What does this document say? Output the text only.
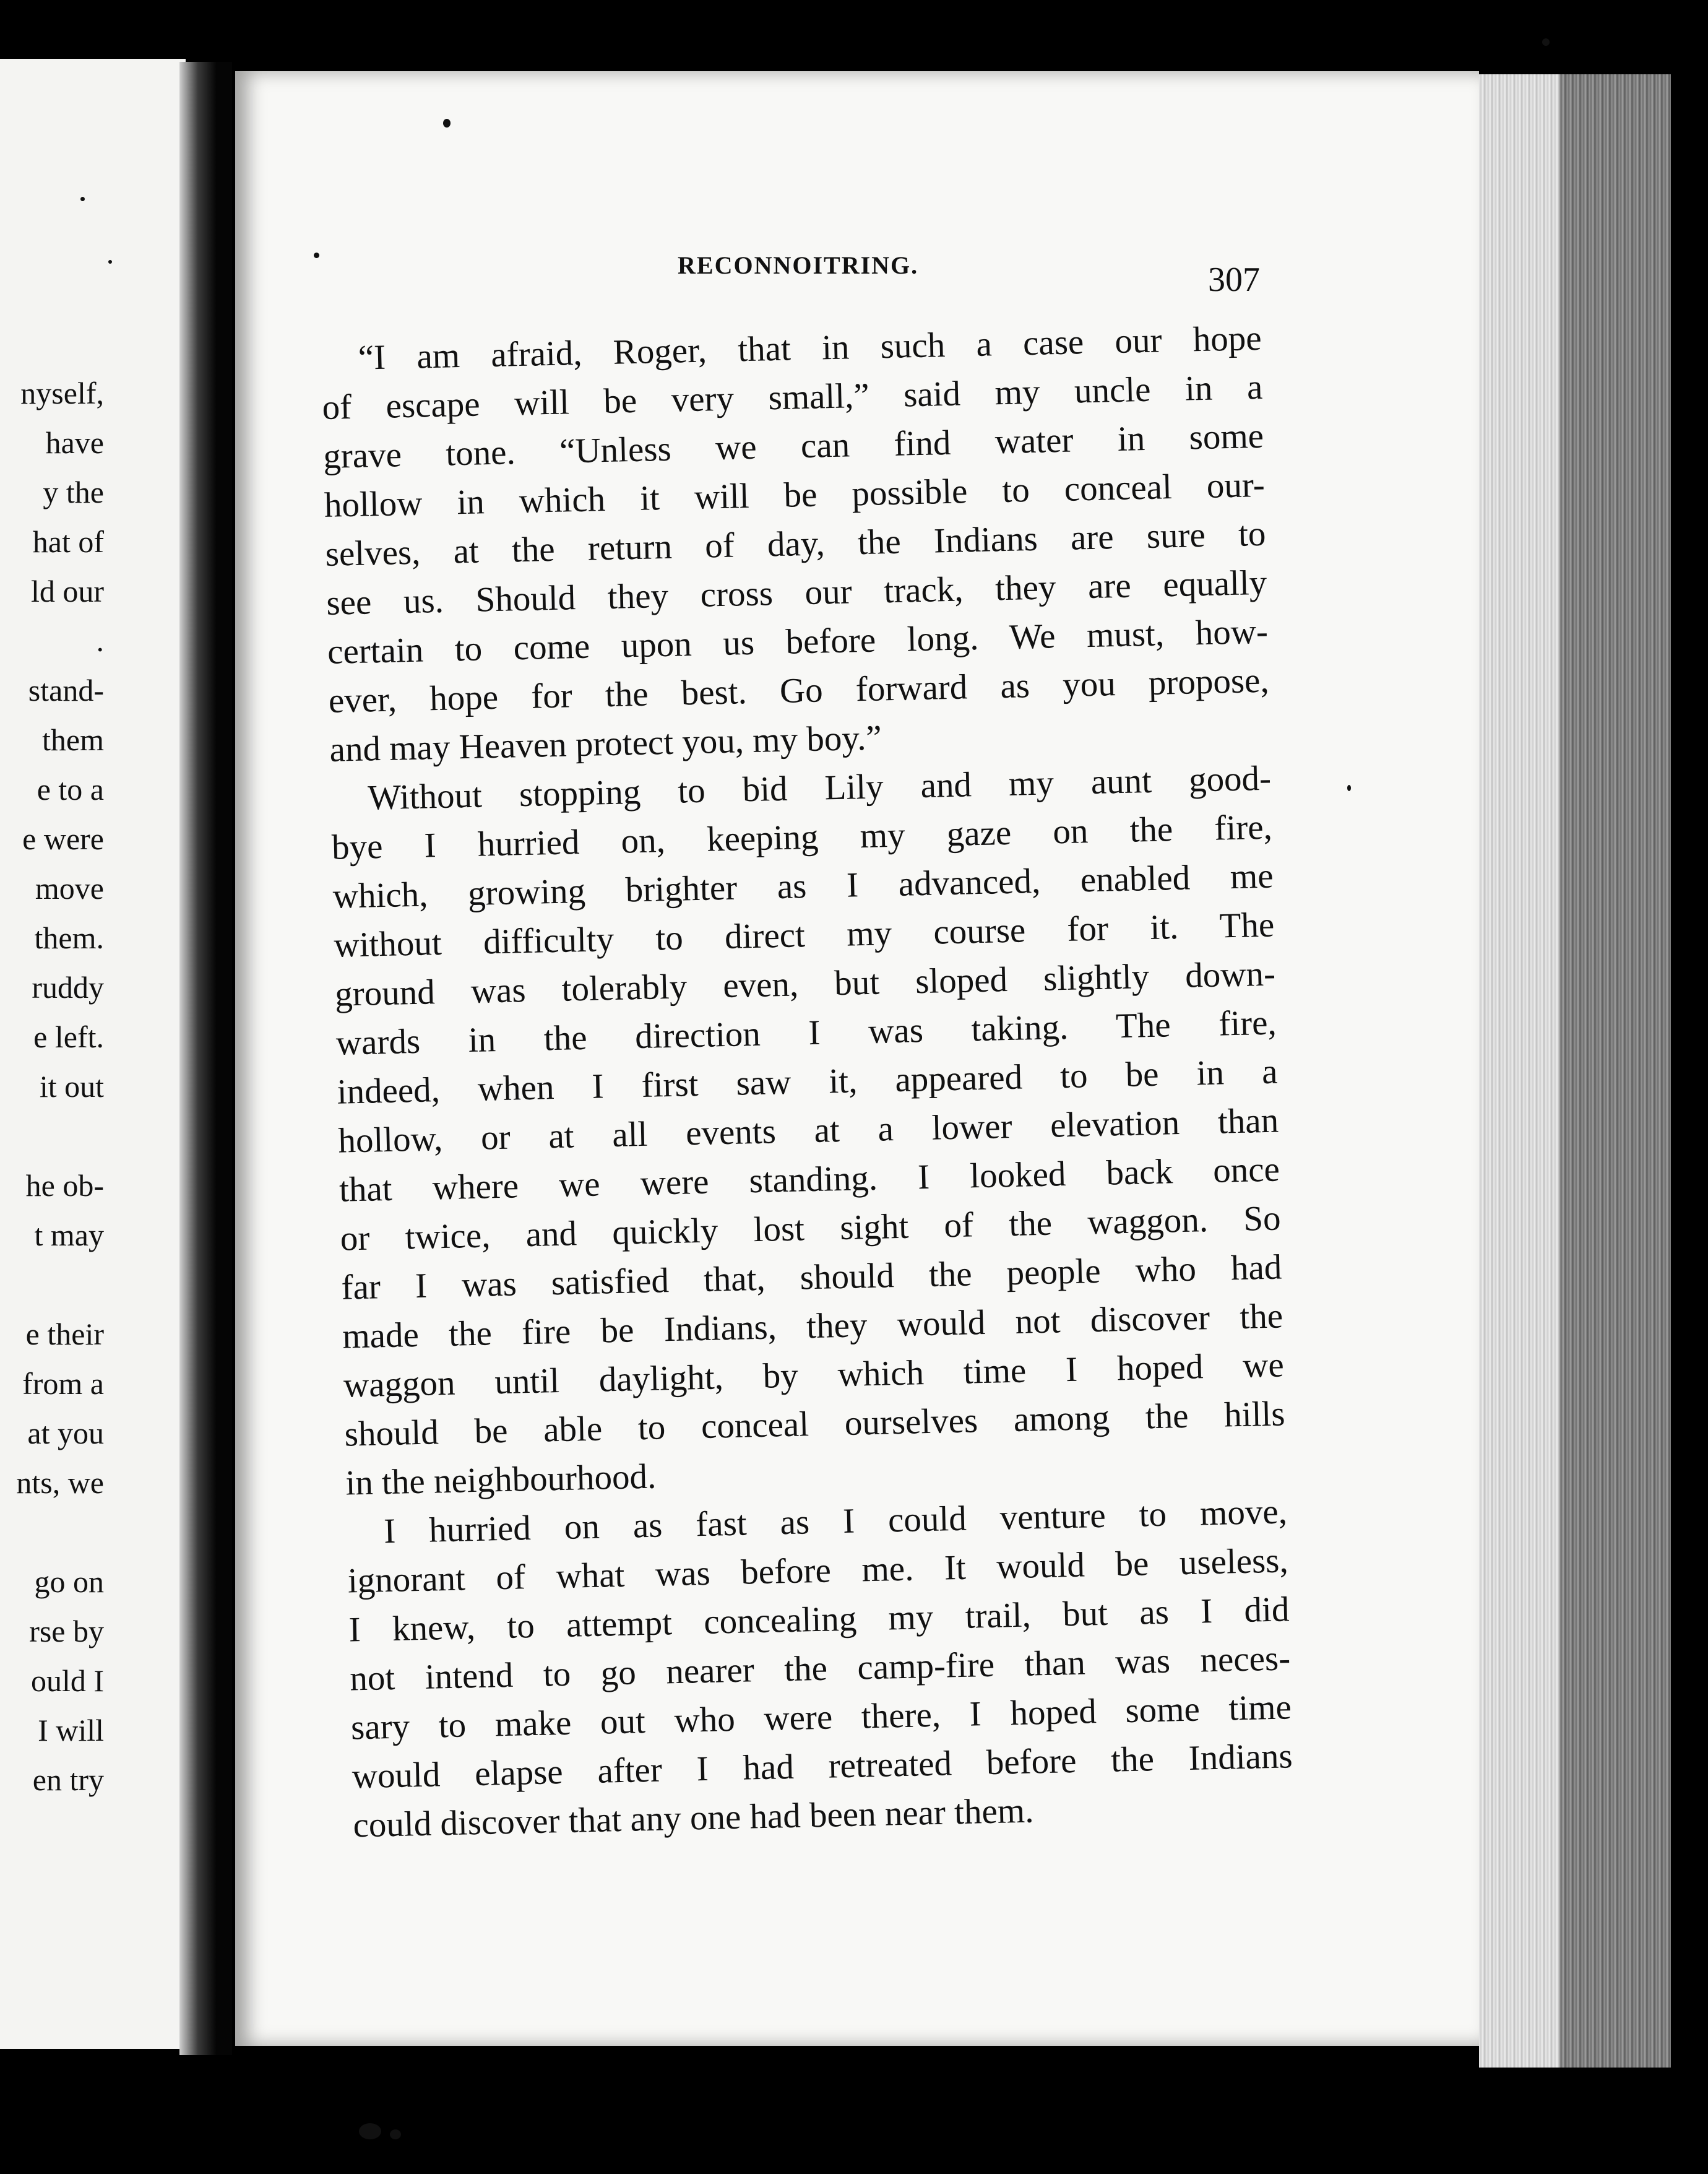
nyself,
have
y the
hat of
ld our
.
stand-
them
e to a
e were
move
them.
ruddy
e left.
it out
he ob-
t may
e their
from a
at you
nts, we
go on
rse by
ould I
I will
en try
RECONNOITRING.	307
“I am afraid, Roger, that in such a case our hope
of escape will be very small,” said my uncle in a
grave tone. “Unless we can find water in some
hollow in which it will be possible to conceal our-
selves, at the return of day, the Indians are sure to
see us. Should they cross our track, they are equally
certain to come upon us before long. We must, how-
ever, hope for the best. Go forward as you propose,
and may Heaven protect you, my boy.”
Without stopping to bid Lily and my aunt good-
bye I hurried on, keeping my gaze on the fire,
which, growing brighter as I advanced, enabled me
without difficulty to direct my course for it. The
ground was tolerably even, but sloped slightly down-
wards in the direction I was taking. The fire,
indeed, when I first saw it, appeared to be in a
hollow, or at all events at a lower elevation than
that where we were standing. I looked back once
or twice, and quickly lost sight of the waggon. So
far I was satisfied that, should the people who had
made the fire be Indians, they would not discover the
waggon until daylight, by which time I hoped we
should be able to conceal ourselves among the hills
in the neighbourhood.
I hurried on as fast as I could venture to move,
ignorant of what was before me. It would be useless,
I knew, to attempt concealing my trail, but as I did
not intend to go nearer the camp-fire than was neces-
sary to make out who were there, I hoped some time
would elapse after I had retreated before the Indians
could discover that any one had been near them.
